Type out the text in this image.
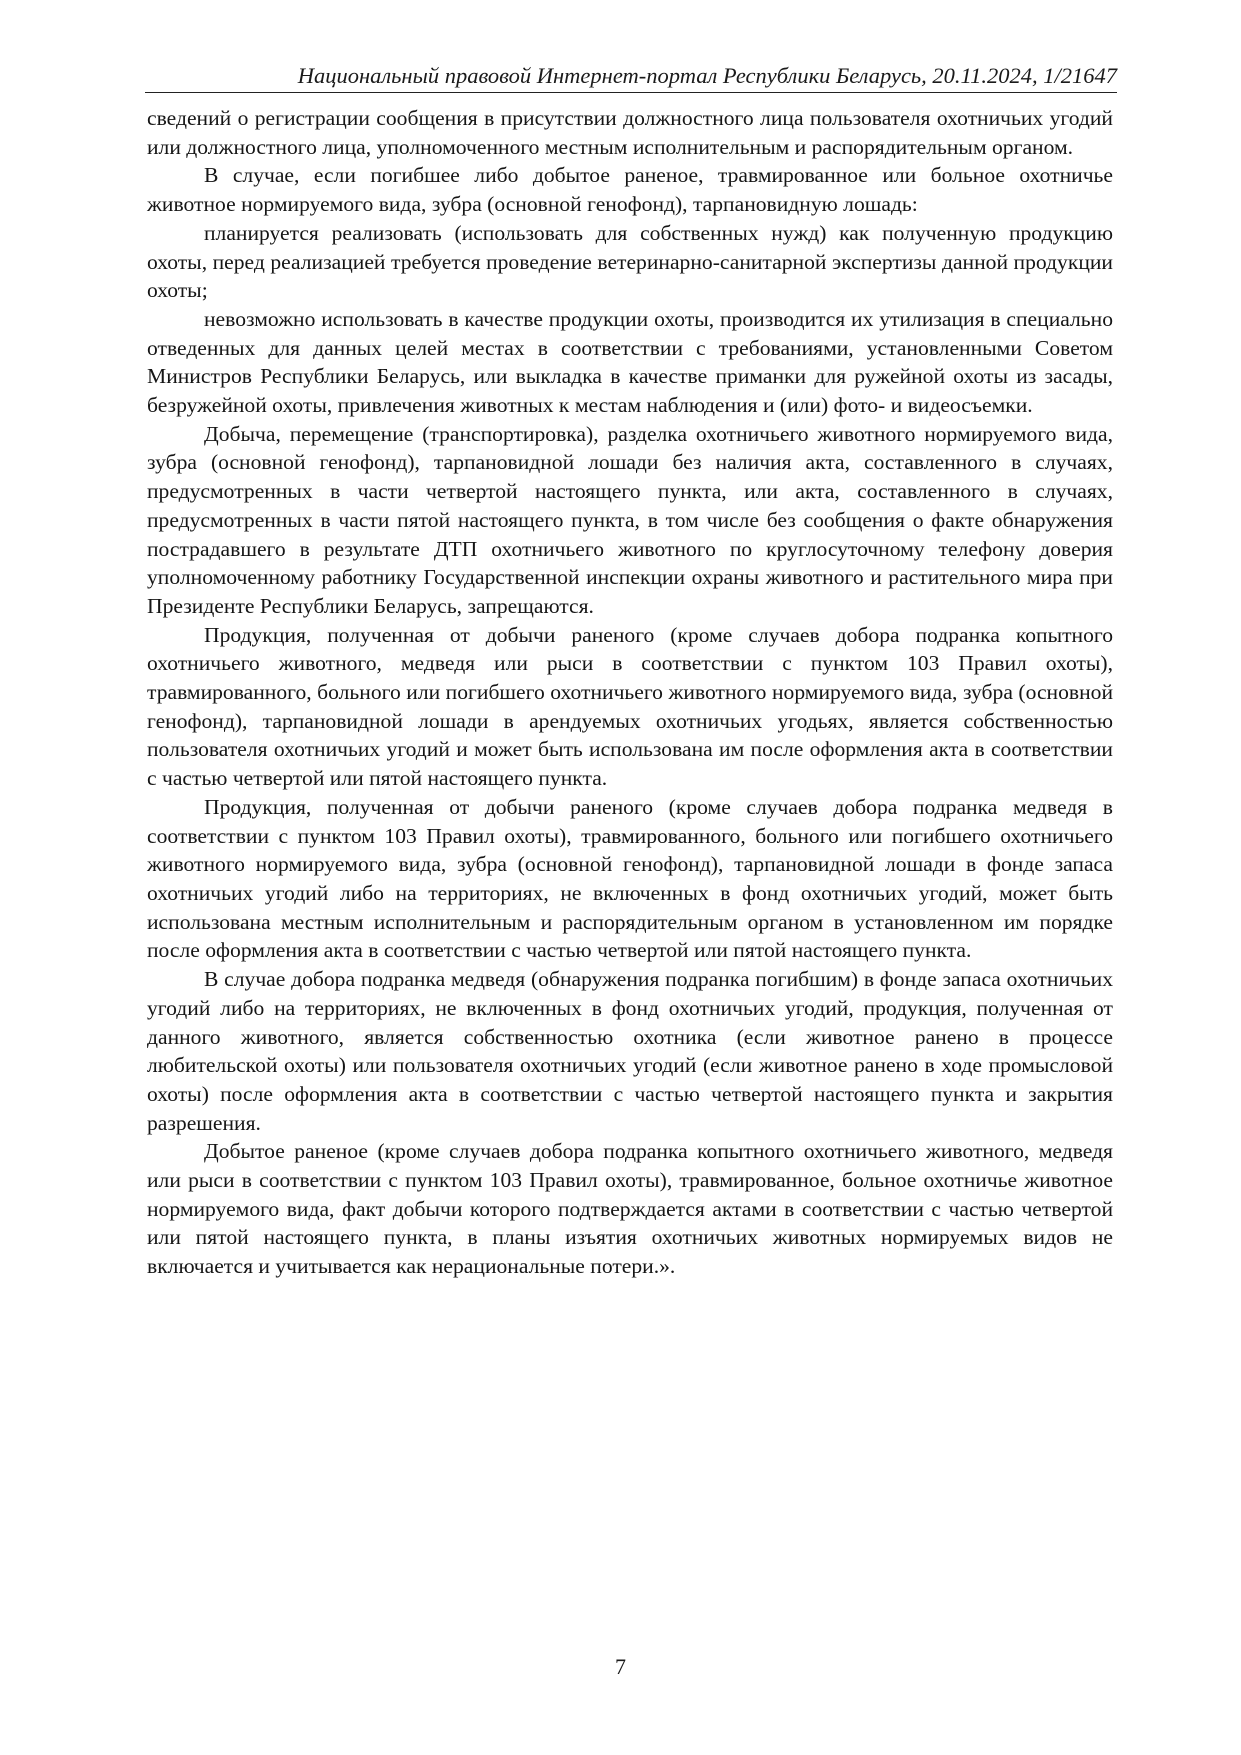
Национальный правовой Интернет-портал Республики Беларусь, 20.11.2024, 1/21647

сведений о регистрации сообщения в присутствии должностного лица пользователя охотничьих угодий или должностного лица, уполномоченного местным исполнительным и распорядительным органом.

В случае, если погибшее либо добытое раненое, травмированное или больное охотничье животное нормируемого вида, зубра (основной генофонд), тарпановидную лошадь:

планируется реализовать (использовать для собственных нужд) как полученную продукцию охоты, перед реализацией требуется проведение ветеринарно-санитарной экспертизы данной продукции охоты;

невозможно использовать в качестве продукции охоты, производится их утилизация в специально отведенных для данных целей местах в соответствии с требованиями, установленными Советом Министров Республики Беларусь, или выкладка в качестве приманки для ружейной охоты из засады, безружейной охоты, привлечения животных к местам наблюдения и (или) фото- и видеосъемки.

Добыча, перемещение (транспортировка), разделка охотничьего животного нормируемого вида, зубра (основной генофонд), тарпановидной лошади без наличия акта, составленного в случаях, предусмотренных в части четвертой настоящего пункта, или акта, составленного в случаях, предусмотренных в части пятой настоящего пункта, в том числе без сообщения о факте обнаружения пострадавшего в результате ДТП охотничьего животного по круглосуточному телефону доверия уполномоченному работнику Государственной инспекции охраны животного и растительного мира при Президенте Республики Беларусь, запрещаются.

Продукция, полученная от добычи раненого (кроме случаев добора подранка копытного охотничьего животного, медведя или рыси в соответствии с пунктом 103 Правил охоты), травмированного, больного или погибшего охотничьего животного нормируемого вида, зубра (основной генофонд), тарпановидной лошади в арендуемых охотничьих угодьях, является собственностью пользователя охотничьих угодий и может быть использована им после оформления акта в соответствии с частью четвертой или пятой настоящего пункта.

Продукция, полученная от добычи раненого (кроме случаев добора подранка медведя в соответствии с пунктом 103 Правил охоты), травмированного, больного или погибшего охотничьего животного нормируемого вида, зубра (основной генофонд), тарпановидной лошади в фонде запаса охотничьих угодий либо на территориях, не включенных в фонд охотничьих угодий, может быть использована местным исполнительным и распорядительным органом в установленном им порядке после оформления акта в соответствии с частью четвертой или пятой настоящего пункта.

В случае добора подранка медведя (обнаружения подранка погибшим) в фонде запаса охотничьих угодий либо на территориях, не включенных в фонд охотничьих угодий, продукция, полученная от данного животного, является собственностью охотника (если животное ранено в процессе любительской охоты) или пользователя охотничьих угодий (если животное ранено в ходе промысловой охоты) после оформления акта в соответствии с частью четвертой настоящего пункта и закрытия разрешения.

Добытое раненое (кроме случаев добора подранка копытного охотничьего животного, медведя или рыси в соответствии с пунктом 103 Правил охоты), травмированное, больное охотничье животное нормируемого вида, факт добычи которого подтверждается актами в соответствии с частью четвертой или пятой настоящего пункта, в планы изъятия охотничьих животных нормируемых видов не включается и учитывается как нерациональные потери.».

7
